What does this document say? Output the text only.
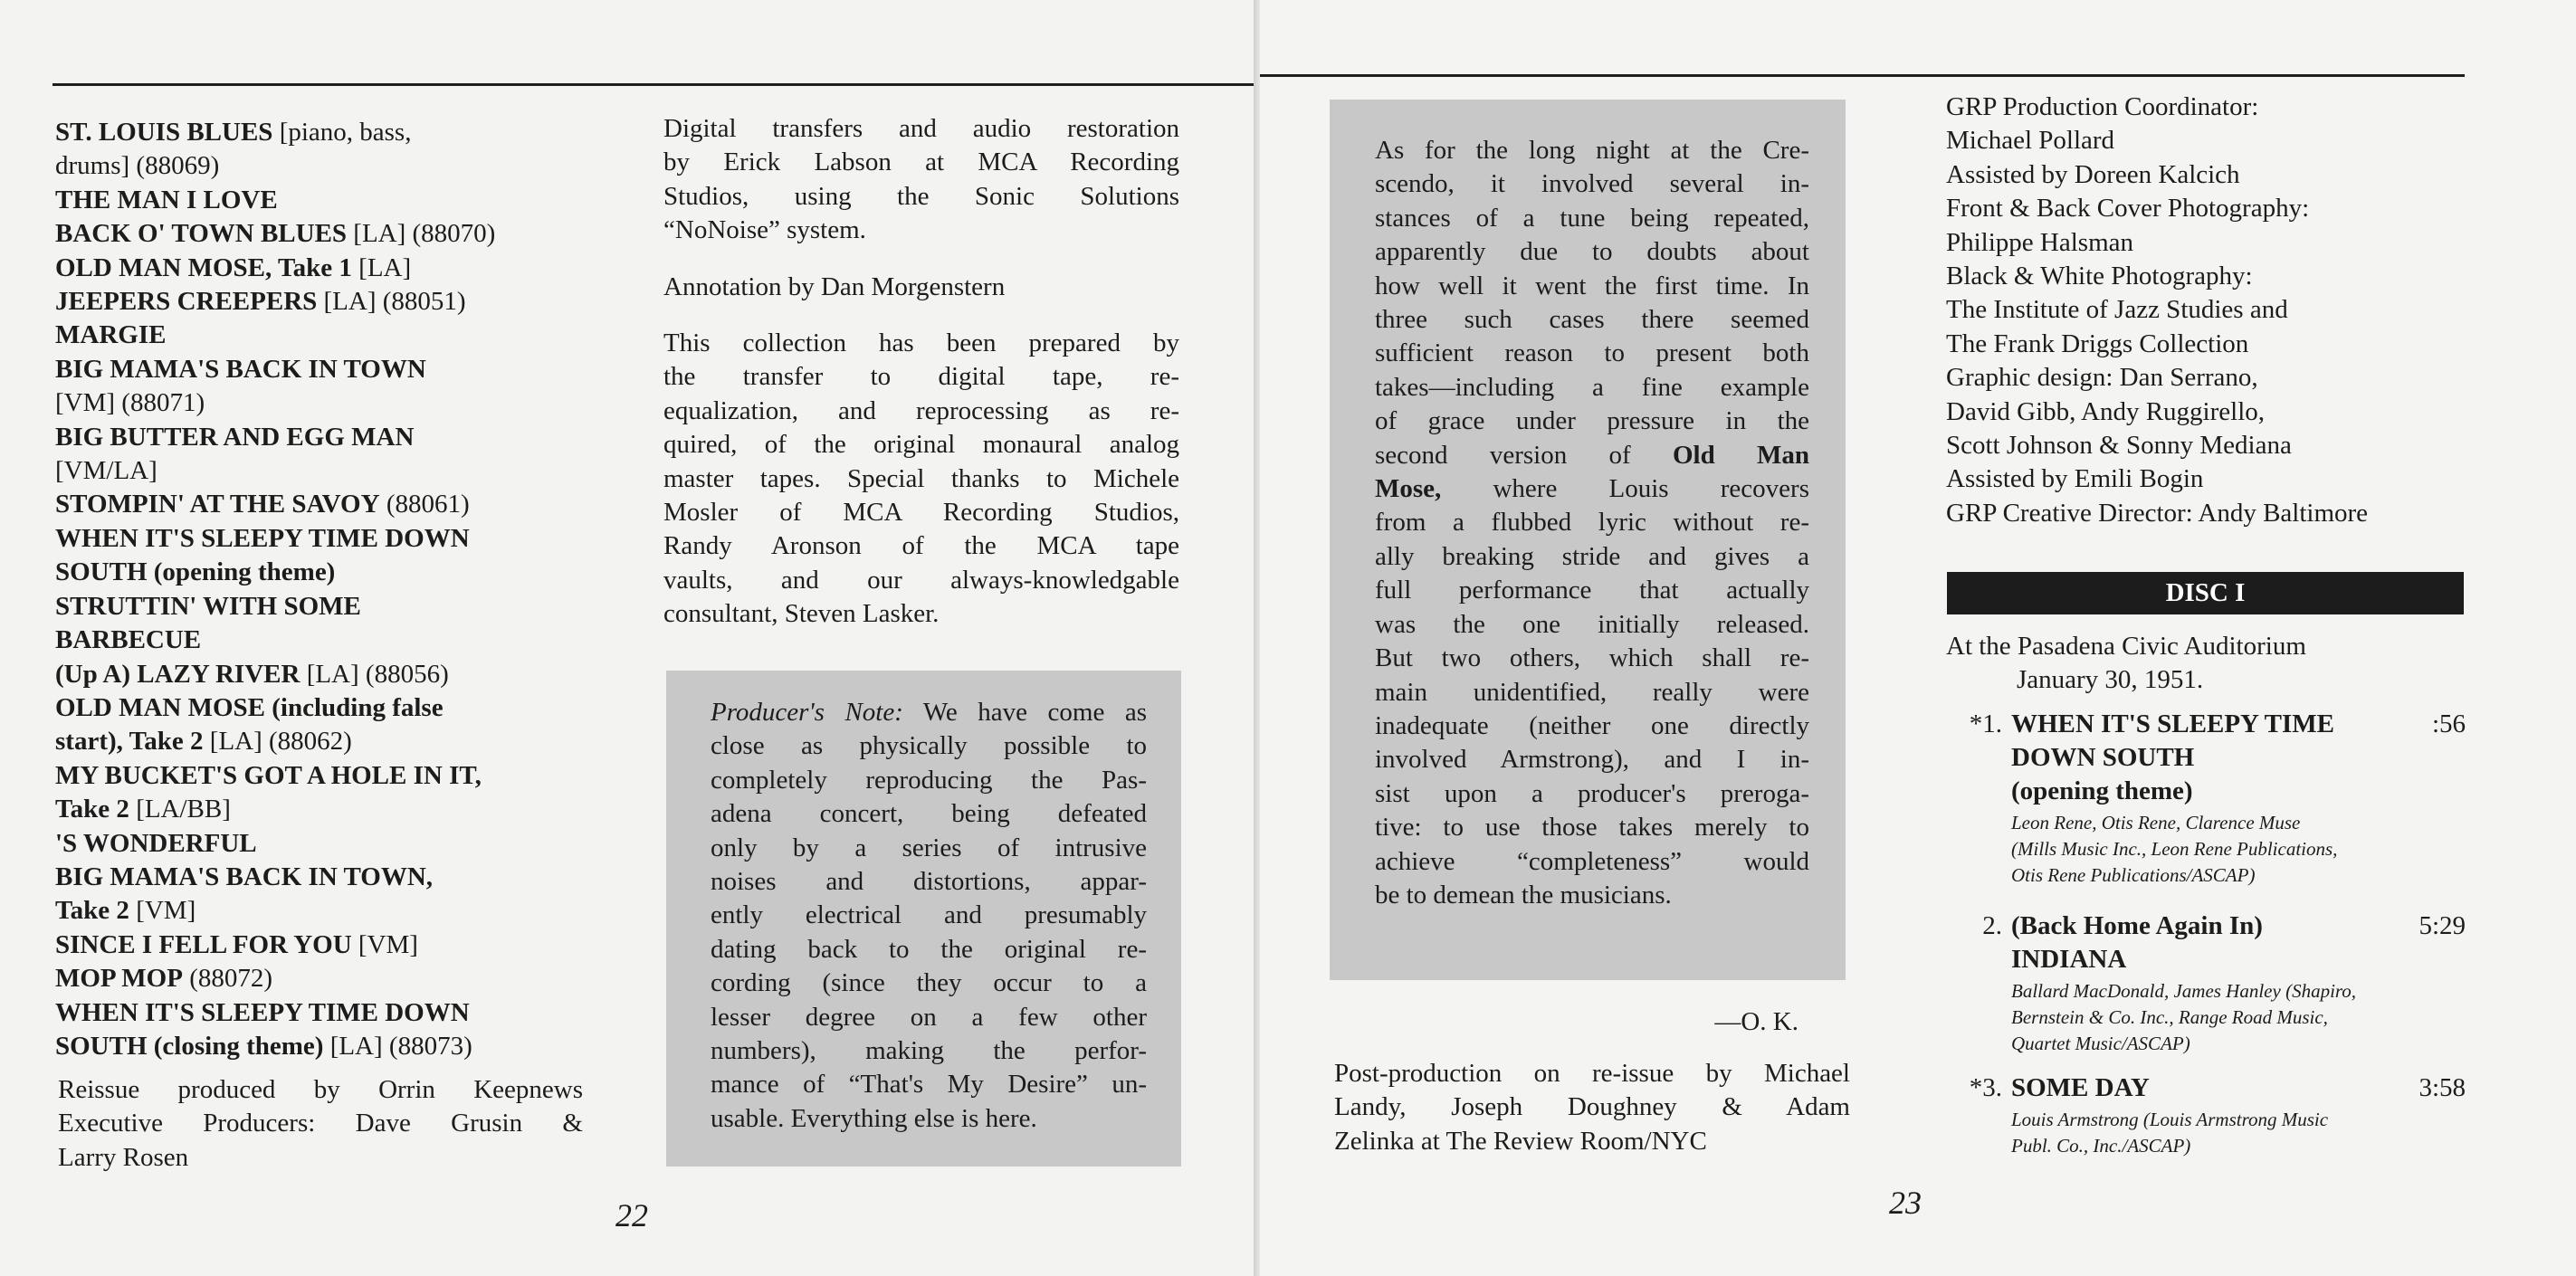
ST. LOUIS BLUES [piano, bass,
drums] (88069)
THE MAN I LOVE
BACK O' TOWN BLUES [LA] (88070)
OLD MAN MOSE, Take 1 [LA]
JEEPERS CREEPERS [LA] (88051)
MARGIE
BIG MAMA'S BACK IN TOWN
[VM] (88071)
BIG BUTTER AND EGG MAN
[VM/LA]
STOMPIN' AT THE SAVOY (88061)
WHEN IT'S SLEEPY TIME DOWN
SOUTH (opening theme)
STRUTTIN' WITH SOME
BARBECUE
(Up A) LAZY RIVER [LA] (88056)
OLD MAN MOSE (including false
start), Take 2 [LA] (88062)
MY BUCKET'S GOT A HOLE IN IT,
Take 2 [LA/BB]
'S WONDERFUL
BIG MAMA'S BACK IN TOWN,
Take 2 [VM]
SINCE I FELL FOR YOU [VM]
MOP MOP (88072)
WHEN IT'S SLEEPY TIME DOWN
SOUTH (closing theme) [LA] (88073)
Reissue produced by Orrin Keepnews
Executive Producers: Dave Grusin &
Larry Rosen
Digital transfers and audio restoration
by Erick Labson at MCA Recording
Studios, using the Sonic Solutions
“NoNoise” system.
Annotation by Dan Morgenstern
This collection has been prepared by
the transfer to digital tape, re-
equalization, and reprocessing as re-
quired, of the original monaural analog
master tapes. Special thanks to Michele
Mosler of MCA Recording Studios,
Randy Aronson of the MCA tape
vaults, and our always-knowledgable
consultant, Steven Lasker.
Producer's Note: We have come as
close as physically possible to
completely reproducing the Pas-
adena concert, being defeated
only by a series of intrusive
noises and distortions, appar-
ently electrical and presumably
dating back to the original re-
cording (since they occur to a
lesser degree on a few other
numbers), making the perfor-
mance of “That's My Desire” un-
usable. Everything else is here.
22
As for the long night at the Cre-
scendo, it involved several in-
stances of a tune being repeated,
apparently due to doubts about
how well it went the first time. In
three such cases there seemed
sufficient reason to present both
takes—including a fine example
of grace under pressure in the
second version of Old Man
Mose, where Louis recovers
from a flubbed lyric without re-
ally breaking stride and gives a
full performance that actually
was the one initially released.
But two others, which shall re-
main unidentified, really were
inadequate (neither one directly
involved Armstrong), and I in-
sist upon a producer's preroga-
tive: to use those takes merely to
achieve “completeness” would
be to demean the musicians.
—O. K.
Post-production on re-issue by Michael
Landy, Joseph Doughney & Adam
Zelinka at The Review Room/NYC
GRP Production Coordinator:
Michael Pollard
Assisted by Doreen Kalcich
Front & Back Cover Photography:
Philippe Halsman
Black & White Photography:
The Institute of Jazz Studies and
The Frank Driggs Collection
Graphic design: Dan Serrano,
David Gibb, Andy Ruggirello,
Scott Johnson & Sonny Mediana
Assisted by Emili Bogin
GRP Creative Director: Andy Baltimore
DISC I
At the Pasadena Civic Auditorium
January 30, 1951.
23
*1. WHEN IT'S SLEEPY TIME
DOWN SOUTH
(opening theme)
:56
Leon Rene, Otis Rene, Clarence Muse
(Mills Music Inc., Leon Rene Publications,
Otis Rene Publications/ASCAP)
2. (Back Home Again In)
INDIANA
5:29
Ballard MacDonald, James Hanley (Shapiro,
Bernstein & Co. Inc., Range Road Music,
Quartet Music/ASCAP)
*3. SOME DAY	3:58
Louis Armstrong (Louis Armstrong Music
Publ. Co., Inc./ASCAP)
